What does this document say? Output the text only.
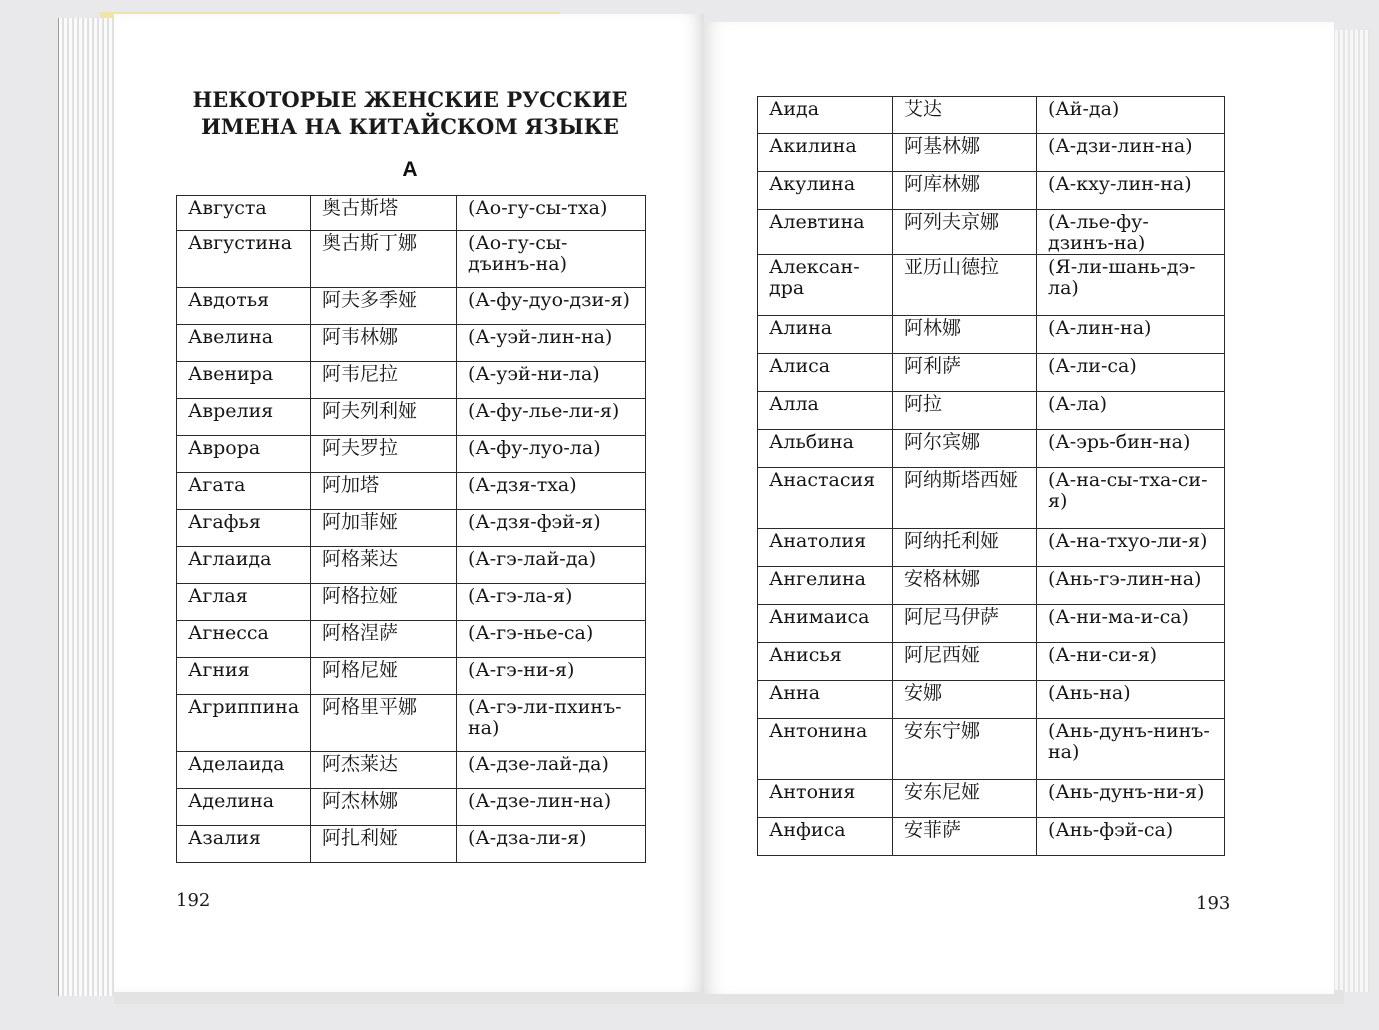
НЕКОТОРЫЕ ЖЕНСКИЕ РУССКИЕ
ИМЕНА НА КИТАЙСКОМ ЯЗЫКЕ
А
Августа	奥古斯塔	(Ао-гу-сы-тха)
Августина	奥古斯丁娜	(Ао-гу-сы-дъинъ-на)
Авдотья	阿夫多季娅	(А-фу-дуо-дзи-я)
Авелина	阿韦林娜	(А-уэй-лин-на)
Авенира	阿韦尼拉	(А-уэй-ни-ла)
Аврелия	阿夫列利娅	(А-фу-лье-ли-я)
Аврора	阿夫罗拉	(А-фу-луо-ла)
Агата	阿加塔	(А-дзя-тха)
Агафья	阿加菲娅	(А-дзя-фэй-я)
Аглаида	阿格莱达	(А-гэ-лай-да)
Аглая	阿格拉娅	(А-гэ-ла-я)
Агнесса	阿格涅萨	(А-гэ-нье-са)
Агния	阿格尼娅	(А-гэ-ни-я)
Агриппина	阿格里平娜	(А-гэ-ли-пхинъ-на)
Аделаида	阿杰莱达	(А-дзе-лай-да)
Аделина	阿杰林娜	(А-дзе-лин-на)
Азалия	阿扎利娅	(А-дза-ли-я)
Аида	艾达	(Ай-да)
Акилина	阿基林娜	(А-дзи-лин-на)
Акулина	阿库林娜	(А-кху-лин-на)
Алевтина	阿列夫京娜	(А-лье-фу-дзинъ-на)
Алексан-дра	亚历山德拉	(Я-ли-шань-дэ-ла)
Алина	阿林娜	(А-лин-на)
Алиса	阿利萨	(А-ли-са)
Алла	阿拉	(А-ла)
Альбина	阿尔宾娜	(А-эрь-бин-на)
Анастасия	阿纳斯塔西娅	(А-на-сы-тха-си-я)
Анатолия	阿纳托利娅	(А-на-тхуо-ли-я)
Ангелина	安格林娜	(Ань-гэ-лин-на)
Анимаиса	阿尼马伊萨	(А-ни-ма-и-са)
Анисья	阿尼西娅	(А-ни-си-я)
Анна	安娜	(Ань-на)
Антонина	安东宁娜	(Ань-дунъ-нинъ-на)
Антония	安东尼娅	(Ань-дунъ-ни-я)
Анфиса	安菲萨	(Ань-фэй-са)
192	193
